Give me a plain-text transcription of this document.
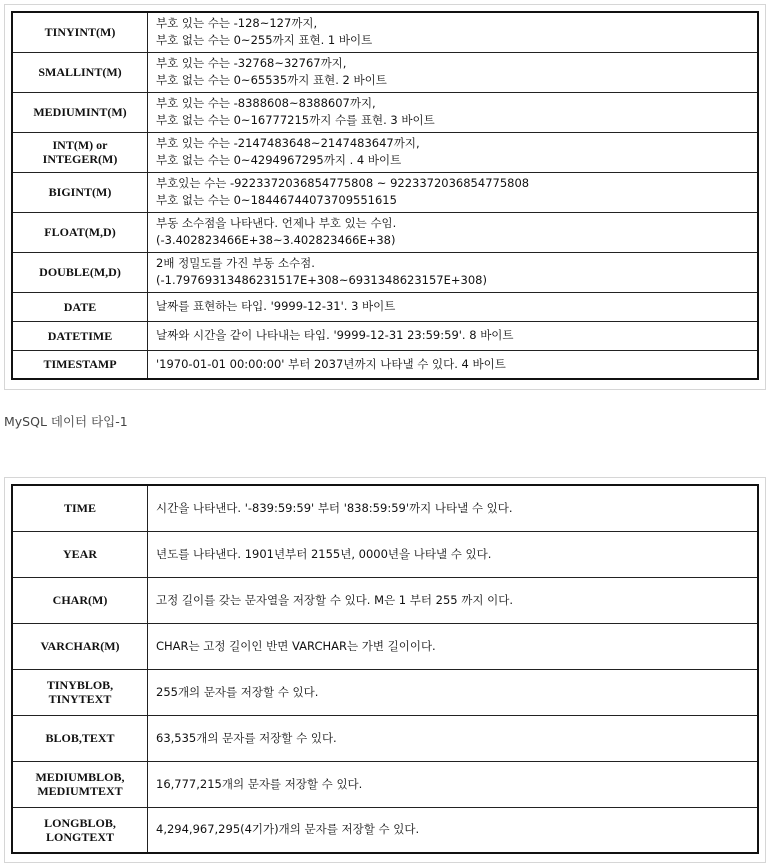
TINYINT(M)	부호 있는 수는 -128~127까지,
부호 없는 수는 0~255까지 표현. 1 바이트

SMALLINT(M)	부호 있는 수는 -32768~32767까지,
부호 없는 수는 0~65535까지 표현. 2 바이트

MEDIUMINT(M)	부호 있는 수는 -8388608~8388607까지,
부호 없는 수는 0~16777215까지 수를 표현. 3 바이트

INT(M) or
INTEGER(M)	부호 있는 수는 -2147483648~2147483647까지,
부호 없는 수는 0~4294967295까지 . 4 바이트

BIGINT(M)	부호있는 수는 -9223372036854775808 ~ 9223372036854775808
부호 없는 수는 0~18446744073709551615

FLOAT(M,D)	부동 소수점을 나타낸다. 언제나 부호 있는 수임.
(-3.402823466E+38~3.402823466E+38)

DOUBLE(M,D)	2배 정밀도를 가진 부동 소수점.
(-1.79769313486231517E+308~6931348623157E+308)

DATE	날짜를 표현하는 타입. '9999-12-31'. 3 바이트

DATETIME	날짜와 시간을 같이 나타내는 타입. '9999-12-31 23:59:59'. 8 바이트

TIMESTAMP	'1970-01-01 00:00:00' 부터 2037년까지 나타낼 수 있다. 4 바이트
MySQL 데이터 타입-1
TIME	시간을 나타낸다. '-839:59:59' 부터 '838:59:59'까지 나타낼 수 있다.

YEAR	년도를 나타낸다. 1901년부터 2155년, 0000년을 나타낼 수 있다.

CHAR(M)	고정 길이를 갖는 문자열을 저장할 수 있다. M은 1 부터 255 까지 이다.

VARCHAR(M)	CHAR는 고정 길이인 반면 VARCHAR는 가변 길이이다.

TINYBLOB,
TINYTEXT	255개의 문자를 저장할 수 있다.

BLOB,TEXT	63,535개의 문자를 저장할 수 있다.

MEDIUMBLOB,
MEDIUMTEXT	16,777,215개의 문자를 저장할 수 있다.

LONGBLOB,
LONGTEXT	4,294,967,295(4기가)개의 문자를 저장할 수 있다.
